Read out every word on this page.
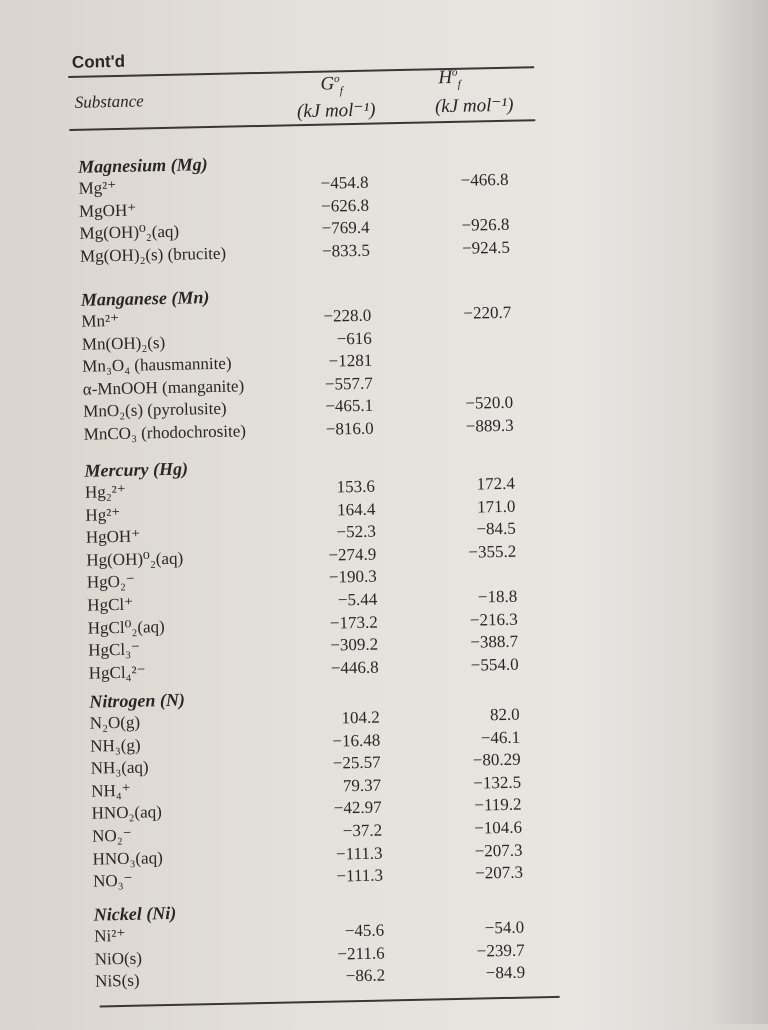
Cont'd
Substance
$G^o_f$
(kJ mol⁻¹)
$H^o_f$
(kJ mol⁻¹)
Magnesium (Mg)
Mg²⁺	−454.8	−466.8
MgOH⁺	−626.8
Mg(OH)⁰₂(aq)	−769.4	−926.8
Mg(OH)₂(s) (brucite)	−833.5	−924.5
Manganese (Mn)
Mn²⁺	−228.0	−220.7
Mn(OH)₂(s)	−616
Mn₃O₄ (hausmannite)	−1281
α-MnOOH (manganite)	−557.7
MnO₂(s) (pyrolusite)	−465.1	−520.0
MnCO₃ (rhodochrosite)	−816.0	−889.3
Mercury (Hg)
Hg₂²⁺	153.6	172.4
Hg²⁺	164.4	171.0
HgOH⁺	−52.3	−84.5
Hg(OH)⁰₂(aq)	−274.9	−355.2
HgO₂⁻	−190.3
HgCl⁺	−5.44	−18.8
HgCl⁰₂(aq)	−173.2	−216.3
HgCl₃⁻	−309.2	−388.7
HgCl₄²⁻	−446.8	−554.0
Nitrogen (N)
N₂O(g)	104.2	82.0
NH₃(g)	−16.48	−46.1
NH₃(aq)	−25.57	−80.29
NH₄⁺	79.37	−132.5
HNO₂(aq)	−42.97	−119.2
NO₂⁻	−37.2	−104.6
HNO₃(aq)	−111.3	−207.3
NO₃⁻	−111.3	−207.3
Nickel (Ni)
Ni²⁺	−45.6	−54.0
NiO(s)	−211.6	−239.7
NiS(s)	−86.2	−84.9
